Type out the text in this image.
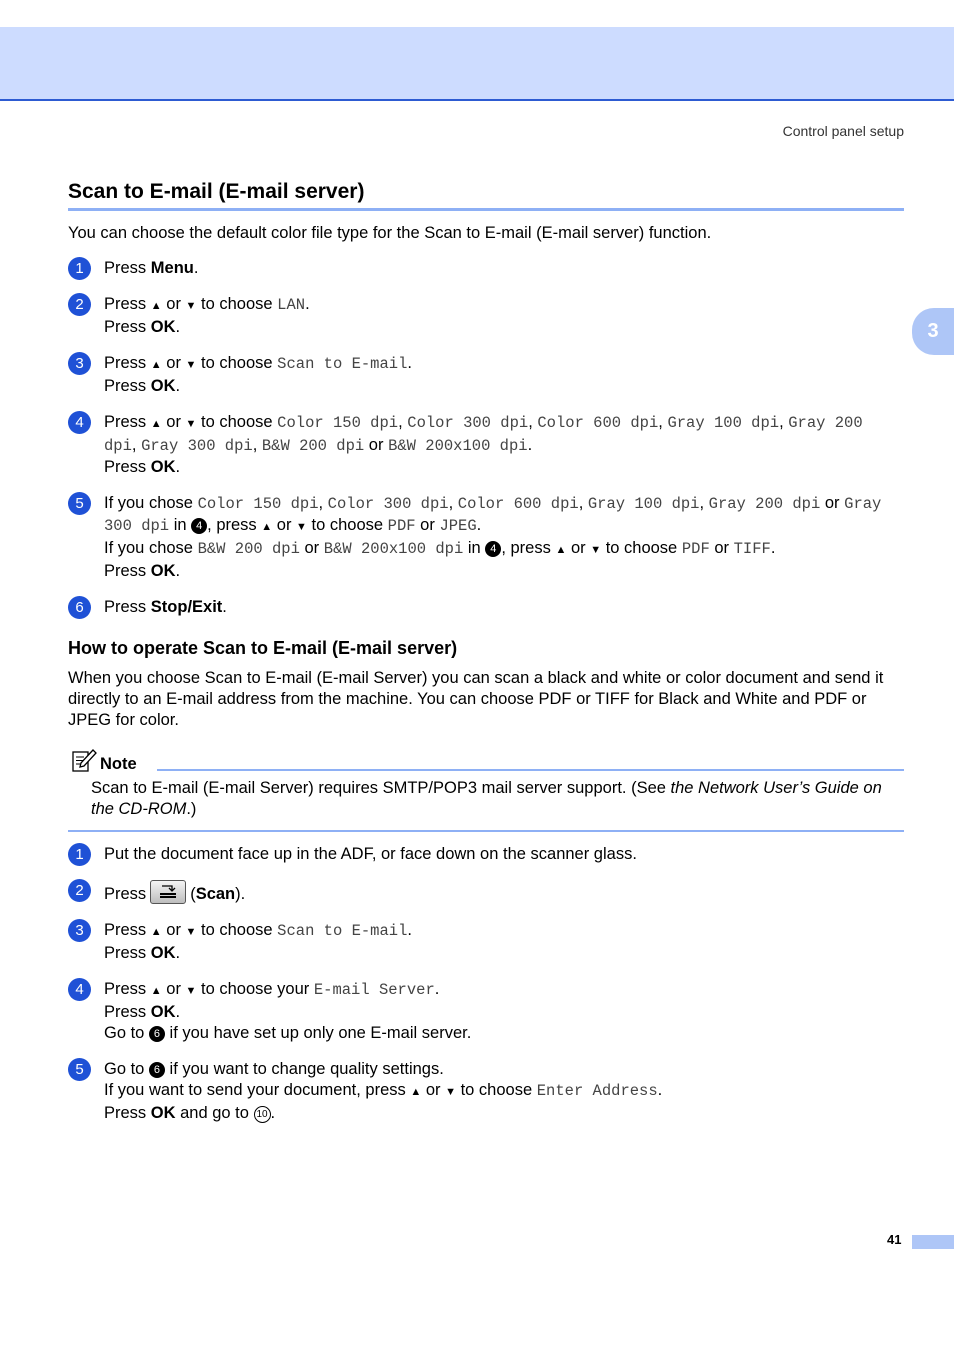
Control panel setup
3
Scan to E-mail (E-mail server)

You can choose the default color file type for the Scan to E-mail (E-mail server) function.

1	Press Menu.
2	Press ▲ or ▼ to choose LAN.
Press OK.
3	Press ▲ or ▼ to choose Scan to E-mail.
Press OK.
4	Press ▲ or ▼ to choose Color 150 dpi, Color 300 dpi, Color 600 dpi, Gray 100 dpi, Gray 200 dpi, Gray 300 dpi, B&W 200 dpi or B&W 200x100 dpi.
Press OK.
5	If you chose Color 150 dpi, Color 300 dpi, Color 600 dpi, Gray 100 dpi, Gray 200 dpi or Gray 300 dpi in 4 , press ▲ or ▼ to choose PDF or JPEG.
If you chose B&W 200 dpi or B&W 200x100 dpi in 4 , press ▲ or ▼ to choose PDF or TIFF.
Press OK.
6	Press Stop/Exit.
How to operate Scan to E-mail (E-mail server)

When you choose Scan to E-mail (E-mail Server) you can scan a black and white or color document and send it directly to an E-mail address from the machine. You can choose PDF or TIFF for Black and White and PDF or JPEG for color.

Note
Scan to E-mail (E-mail Server) requires SMTP/POP3 mail server support. (See the Network User’s Guide on the CD-ROM.)
1	Put the document face up in the ADF, or face down on the scanner glass.
2	Press	(Scan).
3	Press ▲ or ▼ to choose Scan to E-mail.
Press OK.
4	Press ▲ or ▼ to choose your E-mail Server.
Press OK.
Go to 6 if you have set up only one E-mail server.
5	Go to 6 if you want to change quality settings.
If you want to send your document, press ▲ or ▼ to choose Enter Address.
Press OK and go to 10 .
41
